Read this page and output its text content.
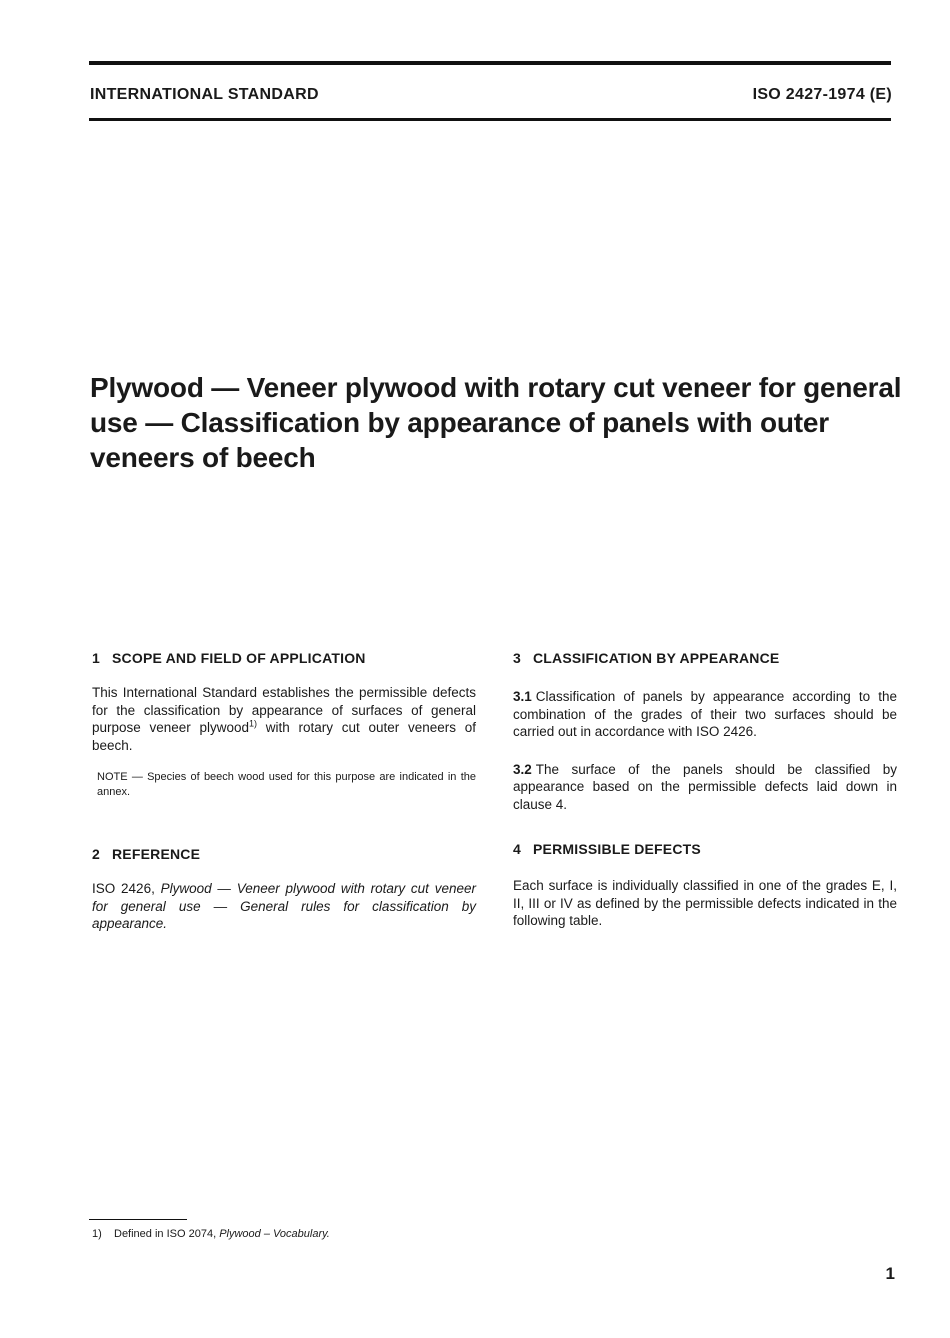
INTERNATIONAL STANDARD	ISO 2427-1974 (E)
Plywood — Veneer plywood with rotary cut veneer for general use — Classification by appearance of panels with outer veneers of beech
1 SCOPE AND FIELD OF APPLICATION

This International Standard establishes the permissible defects for the classification by appearance of surfaces of general purpose veneer plywood$^{1)}$ with rotary cut outer veneers of beech.

NOTE — Species of beech wood used for this purpose are indicated in the annex.

2 REFERENCE

ISO 2426, Plywood — Veneer plywood with rotary cut veneer for general use — General rules for classification by appearance.

3 CLASSIFICATION BY APPEARANCE

3.1 Classification of panels by appearance according to the combination of the grades of their two surfaces should be carried out in accordance with ISO 2426.

3.2 The surface of the panels should be classified by appearance based on the permissible defects laid down in clause 4.

4 PERMISSIBLE DEFECTS

Each surface is individually classified in one of the grades E, I, II, III or IV as defined by the permissible defects indicated in the following table.

1) Defined in ISO 2074, Plywood – Vocabulary.
1
